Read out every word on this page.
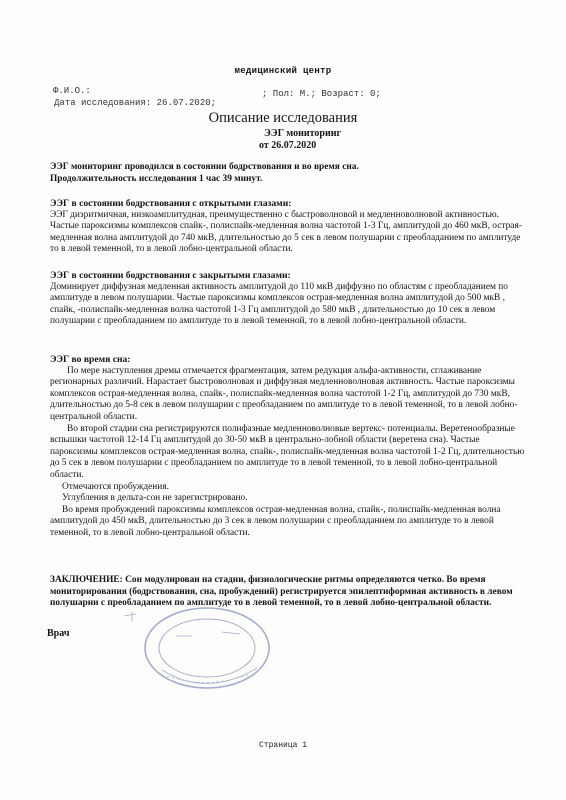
медицинский центр
Ф.И.О.:
Дата исследования: 26.07.2020;
; Пол: М.; Возраст: 0;
Описание исследования
ЭЭГ мониторинг
от 26.07.2020

ЭЭГ мониторинг проводился в состоянии бодрствования и во время сна.

Продолжительность исследования 1 час 39 минут.

ЭЭГ в состоянии бодрствования с открытыми глазами:

ЭЭГ дизритмичная, низкоамплитудная, преимущественно с быстроволновой и медленноволновой активностью. Частые пароксизмы комплексов спайк-, полиспайк-медленная волна частотой 1-3 Гц, амплитудой до 460 мкВ, острая-медленная волна амплитудой до 740 мкВ, длительностью до 5 сек в левом полушарии с преобладанием по амплитуде то в левой теменной, то в левой лобно-центральной области.

ЭЭГ в состоянии бодрствования с закрытыми глазами:

Доминирует диффузная медленная активность амплитудой до 110 мкВ диффузно по областям с преобладанием по амплитуде в левом полушарии. Частые пароксизмы комплексов острая-медленная волна амплитудой до 500 мкВ , спайк, -полиспайк-медленная волна частотой 1-3 Гц амплитудой до 580 мкВ , длительностью до 10 сек в левом полушарии с преобладанием по амплитуде то в левой теменной, то в левой лобно-центральной области.

ЭЭГ во время сна:

По мере наступления дремы отмечается фрагментация, затем редукция альфа-активности, сглаживание регионарных различий. Нарастает быстроволновая и диффузная медленноволновая активность. Частые пароксизмы комплексов острая-медленная волна, спайк-, полиспайк-медленная волна частотой 1-2 Гц, амплитудой до 730 мкВ, длительностью до 5-8 сек в левом полушарии с преобладанием по амплитуде то в левой теменной, то в левой лобно-центральной области.

Во второй стадии сна регистрируются полифазные медленноволновые вертекс- потенциалы. Веретенообразные вспышки частотой 12-14 Гц амплитудой до 30-50 мкВ в центрально-лобной области (веретена сна). Частые пароксизмы комплексов острая-медленная волна, спайк-, полиспайк-медленная волна частотой 1-2 Гц, длительностью до 5 сек в левом полушарии с преобладанием по амплитуде то в левой теменной, то в левой лобно-центральной области.

Отмечаются пробуждения.

Углубления в дельта-сон не зарегистрировано.

Во время пробуждений пароксизмы комплексов острая-медленная волна, спайк-, полиспайк-медленная волна

амплитудой до 450 мкВ, длительностью до 3 сек в левом полушарии с преобладанием по амплитуде то в левой теменной, то в левой лобно-центральной области.

ЗАКЛЮЧЕНИЕ: Сон модулирован на стадии, физиологические ритмы определяются четко. Во время мониторирования (бодрствования, сна, пробуждений) регистрируется эпилептиформная активность в левом полушарии с преобладанием по амплитуде то в левой теменной, то в левой лобно-центральной области.

Врач
Страница 1
